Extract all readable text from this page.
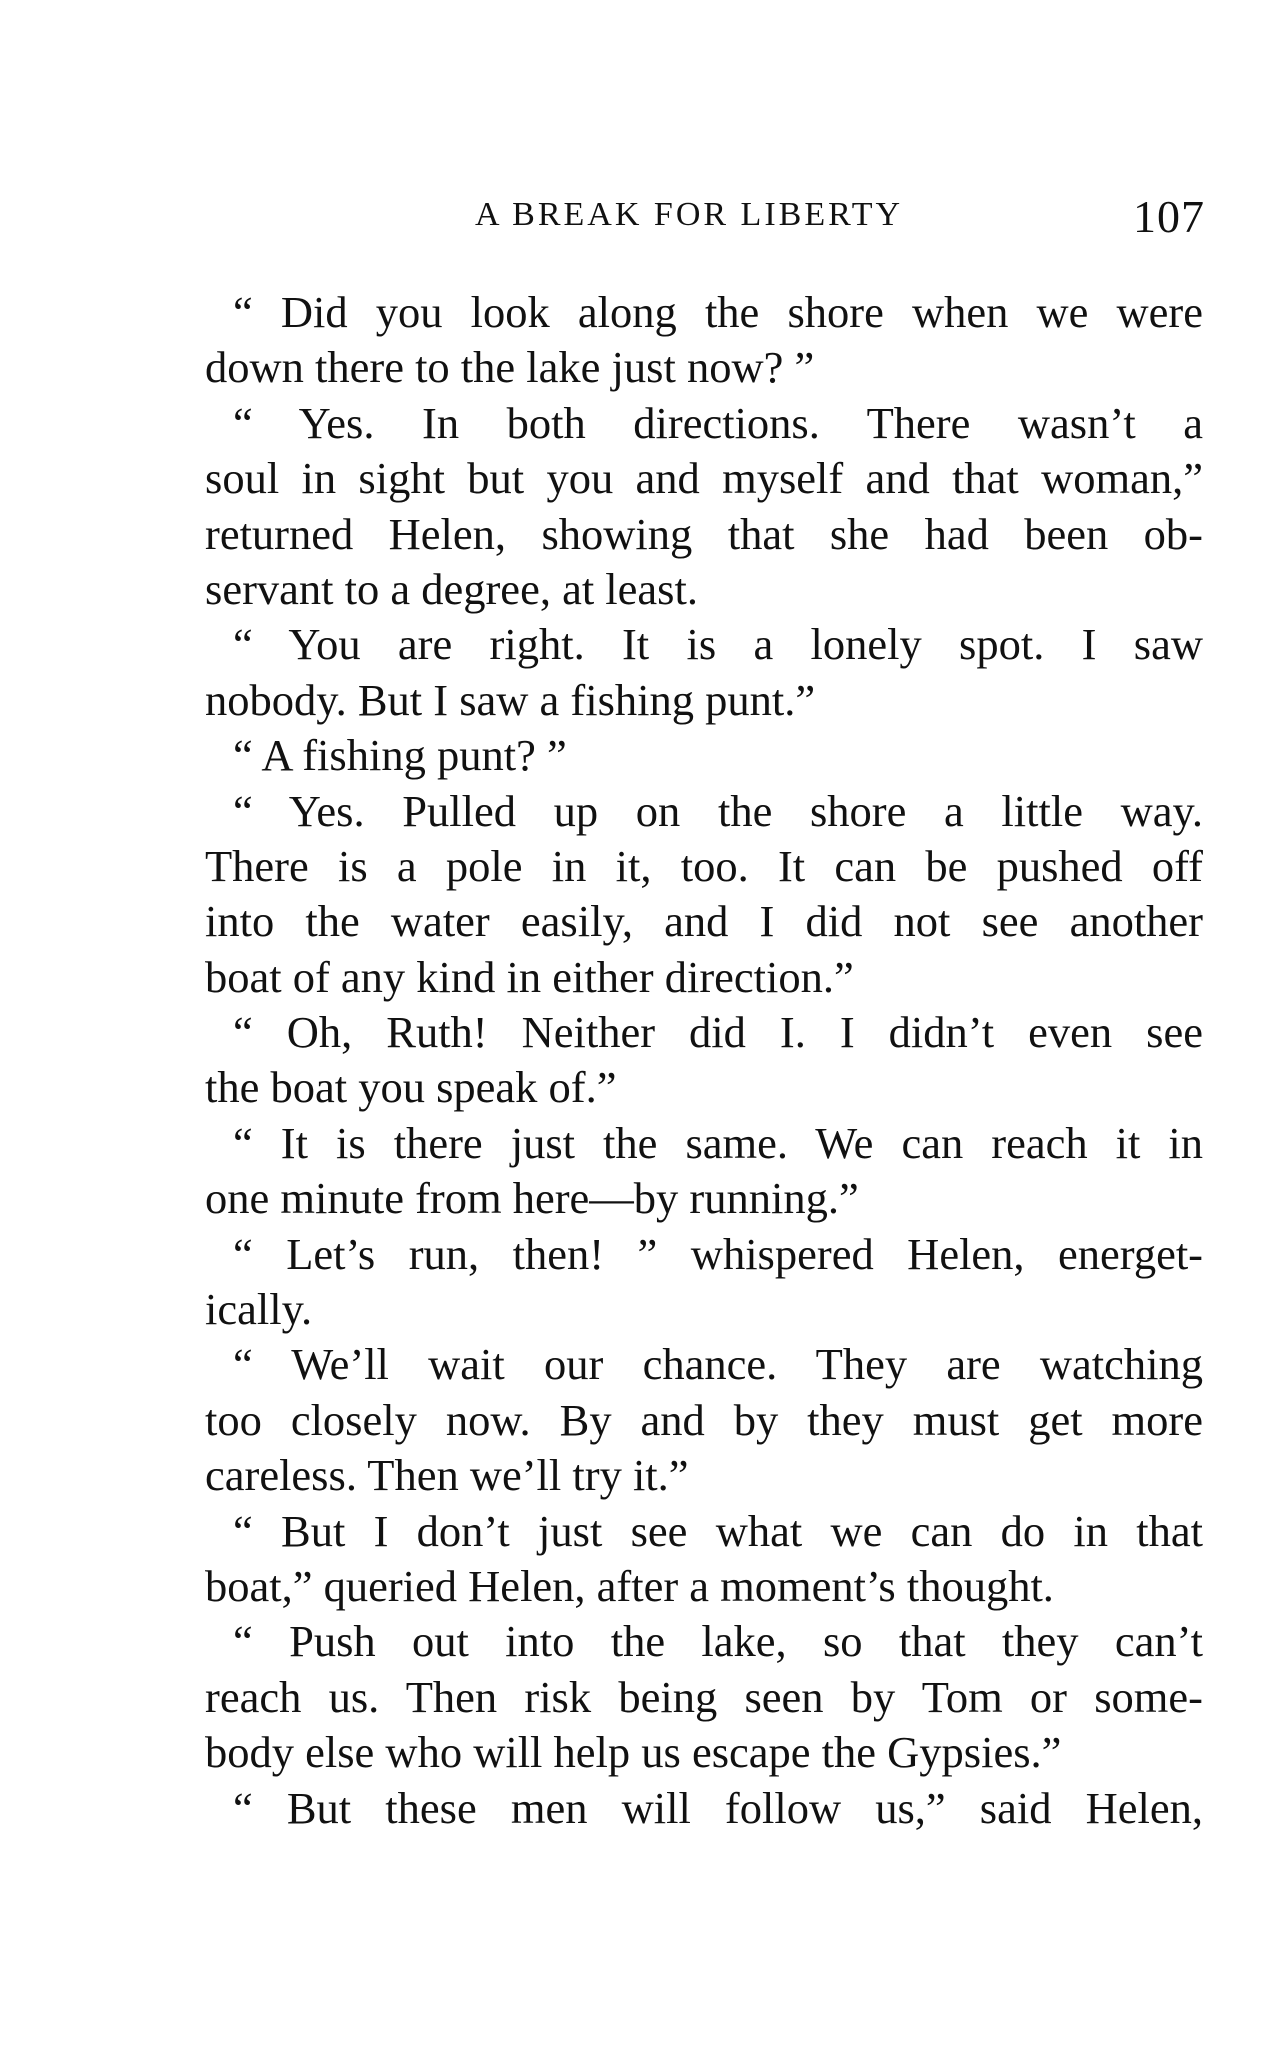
A BREAK FOR LIBERTY	107
“ Did you look along the shore when we were
down there to the lake just now? ”
“ Yes. In both directions. There wasn’t a
soul in sight but you and myself and that woman,”
returned Helen, showing that she had been ob-
servant to a degree, at least.
“ You are right. It is a lonely spot. I saw
nobody. But I saw a fishing punt.”
“ A fishing punt? ”
“ Yes. Pulled up on the shore a little way.
There is a pole in it, too. It can be pushed off
into the water easily, and I did not see another
boat of any kind in either direction.”
“ Oh, Ruth! Neither did I. I didn’t even see
the boat you speak of.”
“ It is there just the same. We can reach it in
one minute from here—by running.”
“ Let’s run, then! ” whispered Helen, energet-
ically.
“ We’ll wait our chance. They are watching
too closely now. By and by they must get more
careless. Then we’ll try it.”
“ But I don’t just see what we can do in that
boat,” queried Helen, after a moment’s thought.
“ Push out into the lake, so that they can’t
reach us. Then risk being seen by Tom or some-
body else who will help us escape the Gypsies.”
“ But these men will follow us,” said Helen,
